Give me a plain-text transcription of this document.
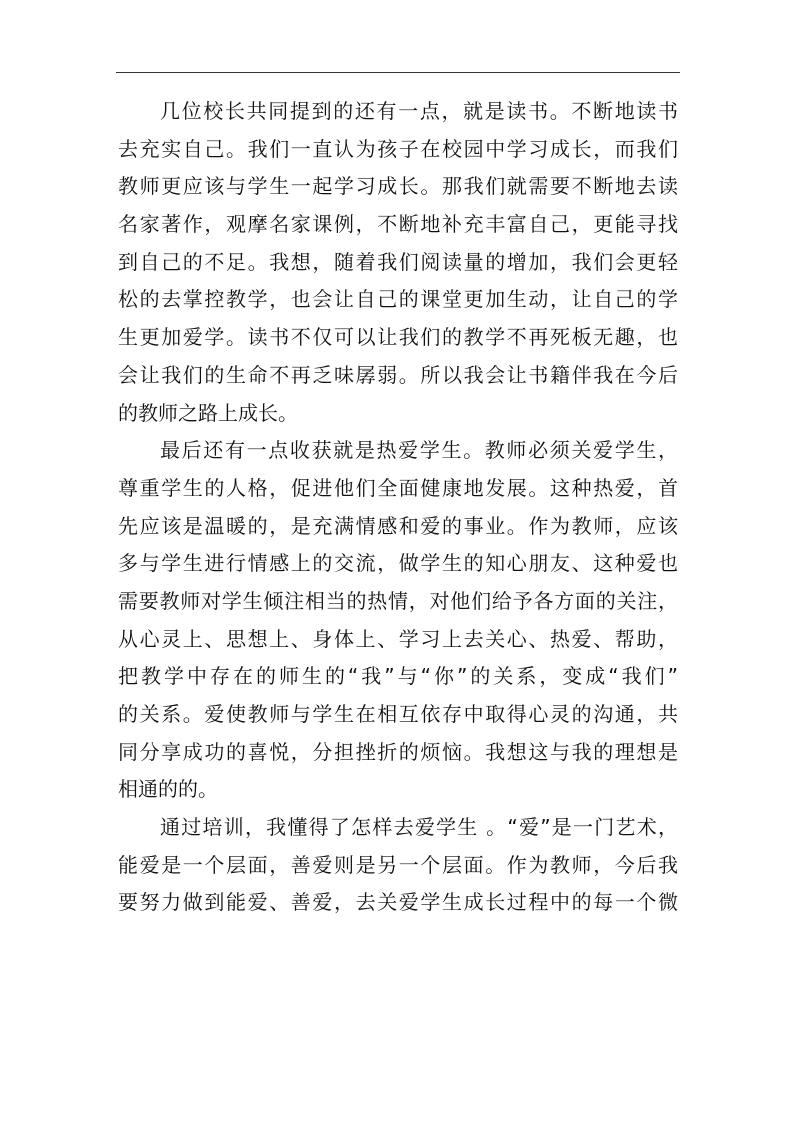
几位校长共同提到的还有一点，就是读书。不断地读书
去充实自己。我们一直认为孩子在校园中学习成长，而我们
教师更应该与学生一起学习成长。那我们就需要不断地去读
名家著作，观摩名家课例，不断地补充丰富自己，更能寻找
到自己的不足。我想，随着我们阅读量的增加，我们会更轻
松的去掌控教学，也会让自己的课堂更加生动，让自己的学
生更加爱学。读书不仅可以让我们的教学不再死板无趣，也
会让我们的生命不再乏味孱弱。所以我会让书籍伴我在今后
的教师之路上成长。
最后还有一点收获就是热爱学生。教师必须关爱学生，
尊重学生的人格，促进他们全面健康地发展。这种热爱，首
先应该是温暖的，是充满情感和爱的事业。作为教师，应该
多与学生进行情感上的交流，做学生的知心朋友、这种爱也
需要教师对学生倾注相当的热情，对他们给予各方面的关注，
从心灵上、思想上、身体上、学习上去关心、热爱、帮助，
把教学中存在的师生的“我”与“你”的关系，变成“我们”
的关系。爱使教师与学生在相互依存中取得心灵的沟通，共
同分享成功的喜悦，分担挫折的烦恼。我想这与我的理想是
相通的的。
通过培训，我懂得了怎样去爱学生 。“爱”是一门艺术，
能爱是一个层面，善爱则是另一个层面。作为教师，今后我
要努力做到能爱、善爱，去关爱学生成长过程中的每一个微
